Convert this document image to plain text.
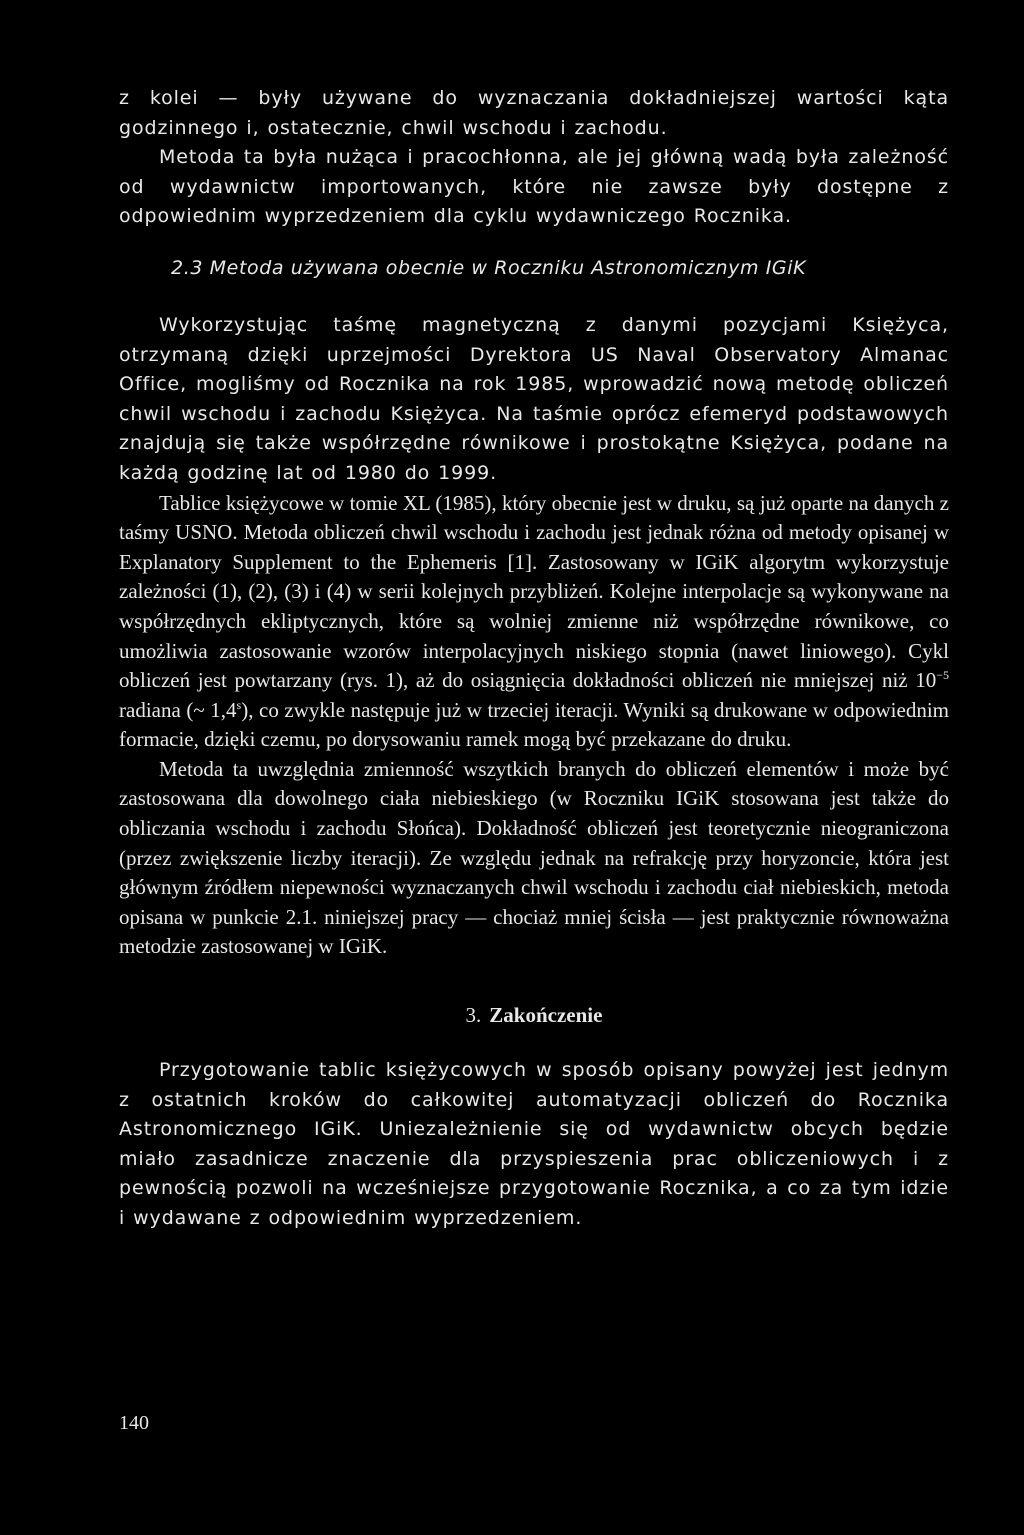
z kolei — były używane do wyznaczania dokładniejszej wartości kąta godzinnego i, ostatecznie, chwil wschodu i zachodu.

Metoda ta była nużąca i pracochłonna, ale jej główną wadą była zależność od wydawnictw importowanych, które nie zawsze były dostępne z odpowiednim wyprzedzeniem dla cyklu wydawniczego Rocznika.

2.3 Metoda używana obecnie w Roczniku Astronomicznym IGiK

Wykorzystując taśmę magnetyczną z danymi pozycjami Księżyca, otrzymaną dzięki uprzejmości Dyrektora US Naval Observatory Almanac Office, mogliśmy od Rocznika na rok 1985, wprowadzić nową metodę obliczeń chwil wschodu i zachodu Księżyca. Na taśmie oprócz efemeryd podstawowych znajdują się także współrzędne równikowe i prostokątne Księżyca, podane na każdą godzinę lat od 1980 do 1999.

Tablice księżycowe w tomie XL (1985), który obecnie jest w druku, są już oparte na danych z taśmy USNO. Metoda obliczeń chwil wschodu i zachodu jest jednak różna od metody opisanej w Explanatory Supplement to the Ephemeris [1]. Zastosowany w IGiK algorytm wykorzystuje zależności (1), (2), (3) i (4) w serii kolejnych przybliżeń. Kolejne interpolacje są wykonywane na współrzędnych ekliptycznych, które są wolniej zmienne niż współrzędne równikowe, co umożliwia zastosowanie wzorów interpolacyjnych niskiego stopnia (nawet liniowego). Cykl obliczeń jest powtarzany (rys. 1), aż do osiągnięcia dokładności obliczeń nie mniejszej niż $10^{-5}$ radiana (~ 1,4$^s$), co zwykle następuje już w trzeciej iteracji. Wyniki są drukowane w odpowiednim formacie, dzięki czemu, po dorysowaniu ramek mogą być przekazane do druku.

Metoda ta uwzględnia zmienność wszytkich branych do obliczeń elementów i może być zastosowana dla dowolnego ciała niebieskiego (w Roczniku IGiK stosowana jest także do obliczania wschodu i zachodu Słońca). Dokładność obliczeń jest teoretycznie nieograniczona (przez zwiększenie liczby iteracji). Ze względu jednak na refrakcję przy horyzoncie, która jest głównym źródłem niepewności wyznaczanych chwil wschodu i zachodu ciał niebieskich, metoda opisana w punkcie 2.1. niniejszej pracy — chociaż mniej ścisła — jest praktycznie równoważna metodzie zastosowanej w IGiK.

3. Zakończenie

Przygotowanie tablic księżycowych w sposób opisany powyżej jest jednym z ostatnich kroków do całkowitej automatyzacji obliczeń do Rocznika Astronomicznego IGiK. Uniezależnienie się od wydawnictw obcych będzie miało zasadnicze znaczenie dla przyspieszenia prac obliczeniowych i z pewnością pozwoli na wcześniejsze przygotowanie Rocznika, a co za tym idzie i wydawane z odpowiednim wyprzedzeniem.

140
